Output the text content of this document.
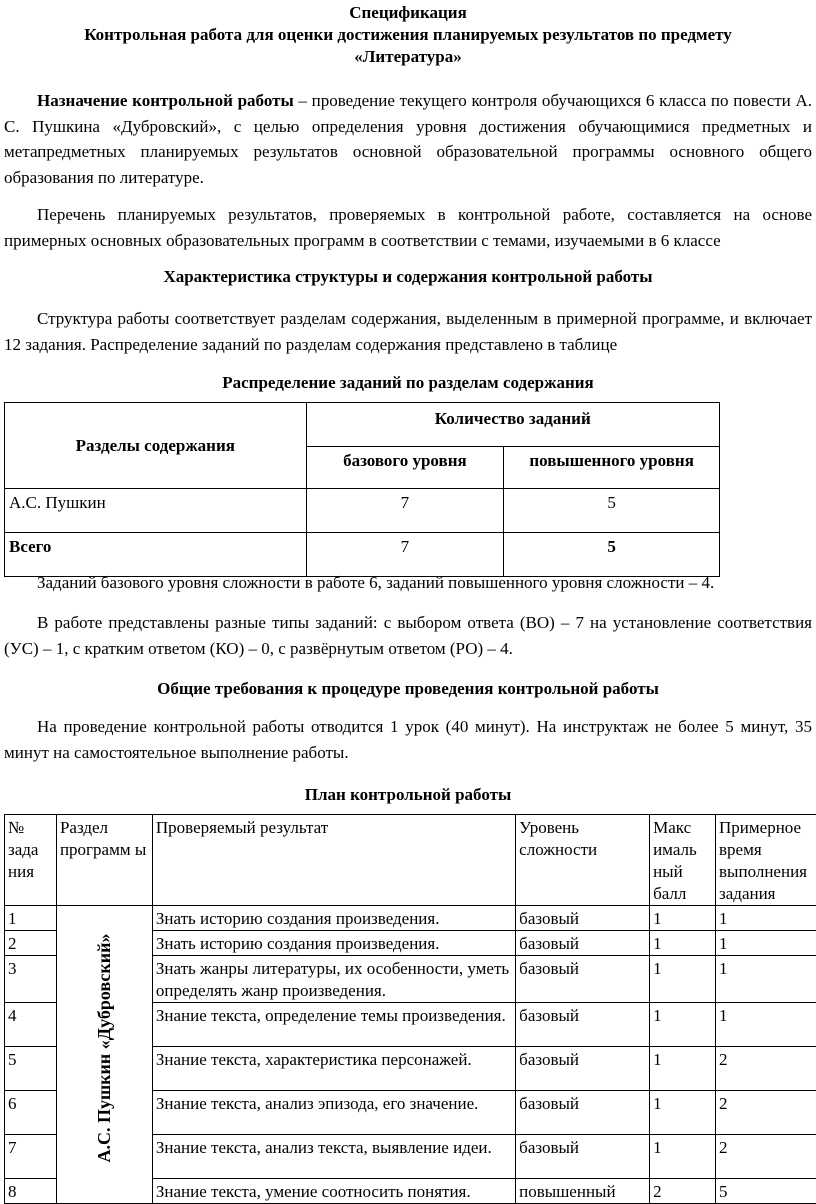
Спецификация
Контрольная работа для оценки достижения планируемых результатов по предмету
«Литература»
Назначение контрольной работы – проведение текущего контроля обучающихся 6 класса по повести А. С. Пушкина «Дубровский», с целью определения уровня достижения обучающимися предметных и метапредметных планируемых результатов основной образовательной программы основного общего образования по литературе.
Перечень планируемых результатов, проверяемых в контрольной работе, составляется на основе примерных основных образовательных программ в соответствии с темами, изучаемыми в 6 классе
Характеристика структуры и содержания контрольной работы
Структура работы соответствует разделам содержания, выделенным в примерной программе, и включает 12 задания. Распределение заданий по разделам содержания представлено в таблице
Распределение заданий по разделам содержания
Разделы содержания	Количество заданий	
	базового уровня	повышенного уровня
А.С. Пушкин	7	5
Всего	7	5
Заданий базового уровня сложности в работе 6, заданий повышенного уровня сложности – 4.
В работе представлены разные типы заданий: с выбором ответа (ВО) – 7 на установление соответствия (УС) – 1, с кратким ответом (КО) – 0, с развёрнутым ответом (РО) – 4.
Общие требования к процедуре проведения контрольной работы
На проведение контрольной работы отводится 1 урок (40 минут). На инструктаж не более 5 минут, 35 минут на самостоятельное выполнение работы.
План контрольной работы
№ зада ния	Раздел программ ы	Проверяемый результат	Уровень сложности	Макс ималь ный балл	Примерное время выполнения задания
1	А.С. Пушкин «Дубровский»	Знать историю создания произведения.	базовый	1	1
2		Знать историю создания произведения.	базовый	1	1
3		Знать жанры литературы, их особенности, уметь определять жанр произведения.	базовый	1	1
4		Знание текста, определение темы произведения.	базовый	1	1
5		Знание текста, характеристика персонажей.	базовый	1	2
6		Знание текста, анализ эпизода, его значение.	базовый	1	2
7		Знание текста, анализ текста, выявление идеи.	базовый	1	2
8		Знание текста, умение соотносить понятия.	повышенный	2	5
